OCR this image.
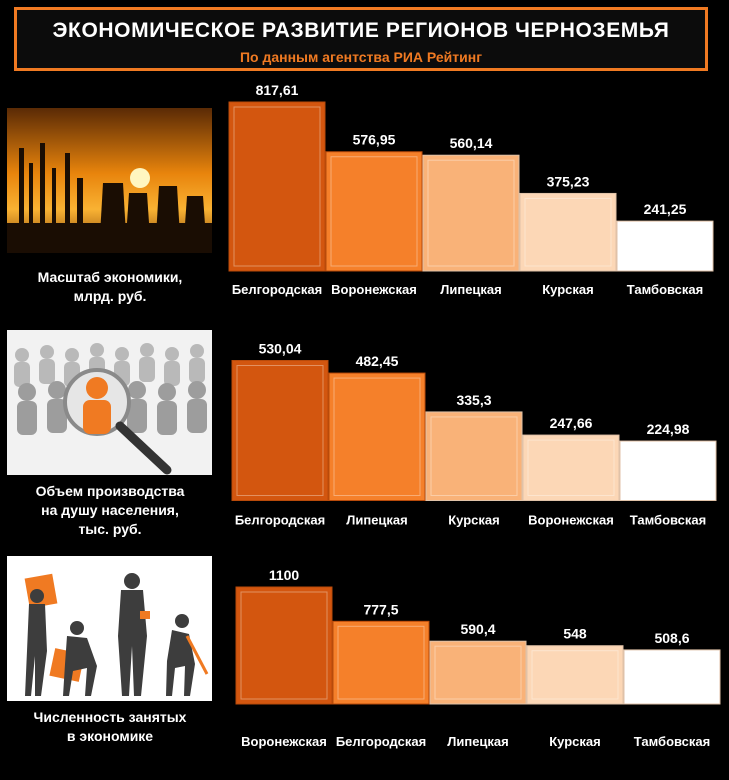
ЭКОНОМИЧЕСКОЕ РАЗВИТИЕ РЕГИОНОВ ЧЕРНОЗЕМЬЯ
По данным агентства РИА Рейтинг
Масштаб экономики,
млрд. руб.
817,61
Белгородская
576,95
Воронежская
560,14
Липецкая
375,23
Курская
241,25
Тамбовская
Объем производства
на душу населения,
тыс. руб.
530,04
Белгородская
482,45
Липецкая
335,3
Курская
247,66
Воронежская
224,98
Тамбовская
Численность занятых
в экономике
1100
Воронежская
777,5
Белгородская
590,4
Липецкая
548
Курская
508,6
Тамбовская
